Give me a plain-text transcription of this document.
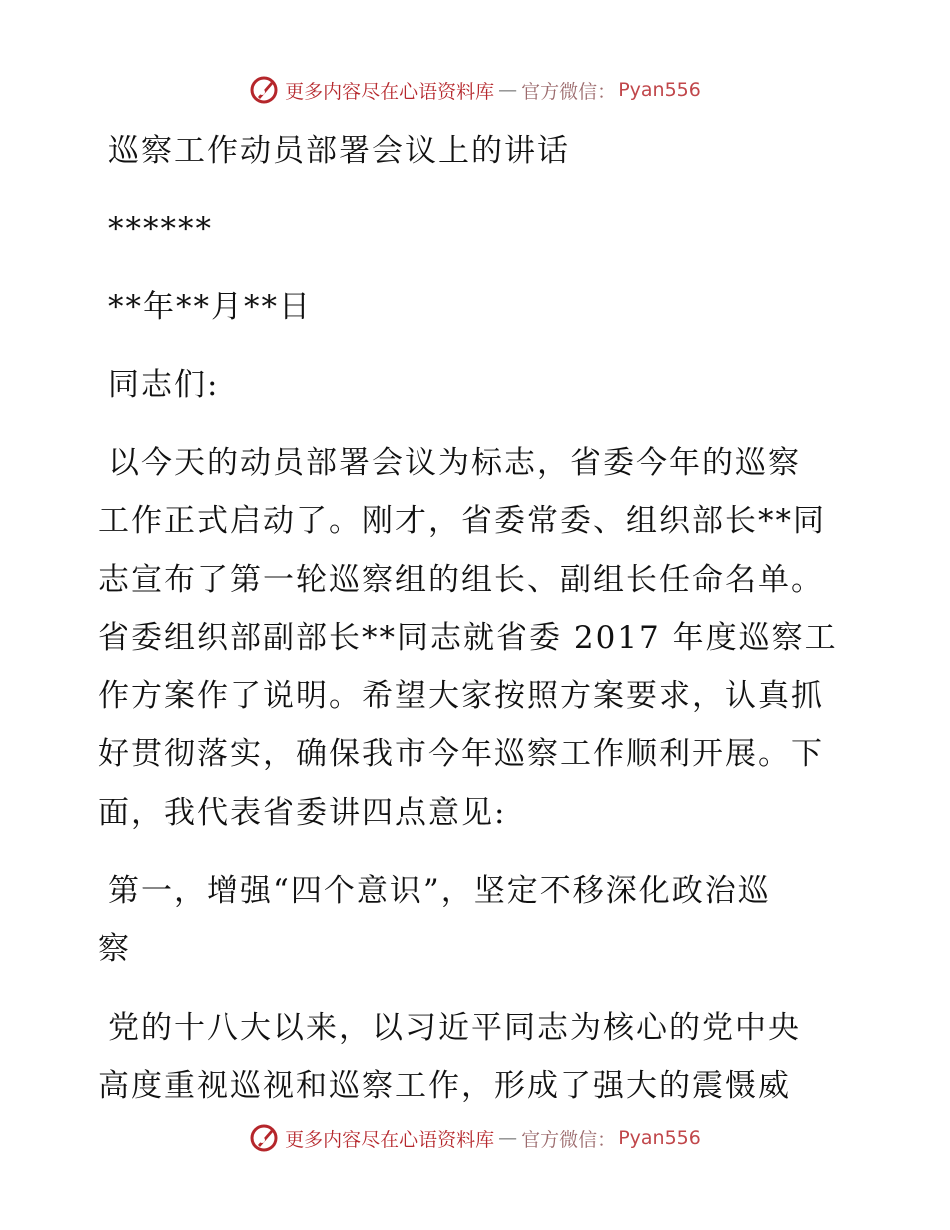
更多内容尽在心语资料库 — 官方微信： Pyan556
巡察工作动员部署会议上的讲话
******
**年**月**日
同志们:
以今天的动员部署会议为标志，省委今年的巡察
工作正式启动了。刚才，省委常委、组织部长**同
志宣布了第一轮巡察组的组长、副组长任命名单。
省委组织部副部长**同志就省委 2017 年度巡察工
作方案作了说明。希望大家按照方案要求，认真抓
好贯彻落实，确保我市今年巡察工作顺利开展。下
面，我代表省委讲四点意见:
第一，增强“四个意识”，坚定不移深化政治巡
察
党的十八大以来，以习近平同志为核心的党中央
高度重视巡视和巡察工作，形成了强大的震慑威
更多内容尽在心语资料库 — 官方微信： Pyan556
